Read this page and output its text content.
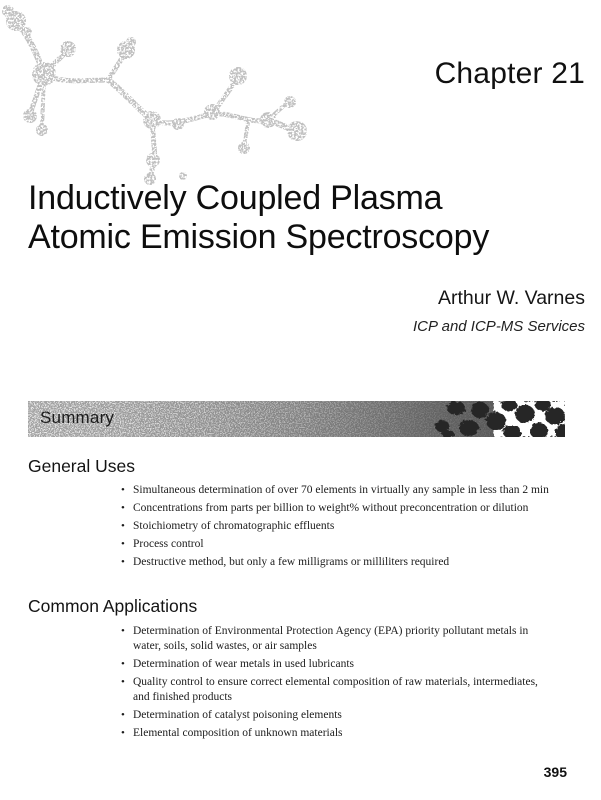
Chapter 21
Inductively Coupled Plasma
Atomic Emission Spectroscopy
Arthur W. Varnes
ICP and ICP-MS Services
Summary
General Uses
• Simultaneous determination of over 70 elements in virtually any sample in less than 2 min
• Concentrations from parts per billion to weight% without preconcentration or dilution
• Stoichiometry of chromatographic effluents
• Process control
• Destructive method, but only a few milligrams or milliliters required
Common Applications
• Determination of Environmental Protection Agency (EPA) priority pollutant metals in
water, soils, solid wastes, or air samples
• Determination of wear metals in used lubricants
• Quality control to ensure correct elemental composition of raw materials, intermediates,
and finished products
• Determination of catalyst poisoning elements
• Elemental composition of unknown materials
395
